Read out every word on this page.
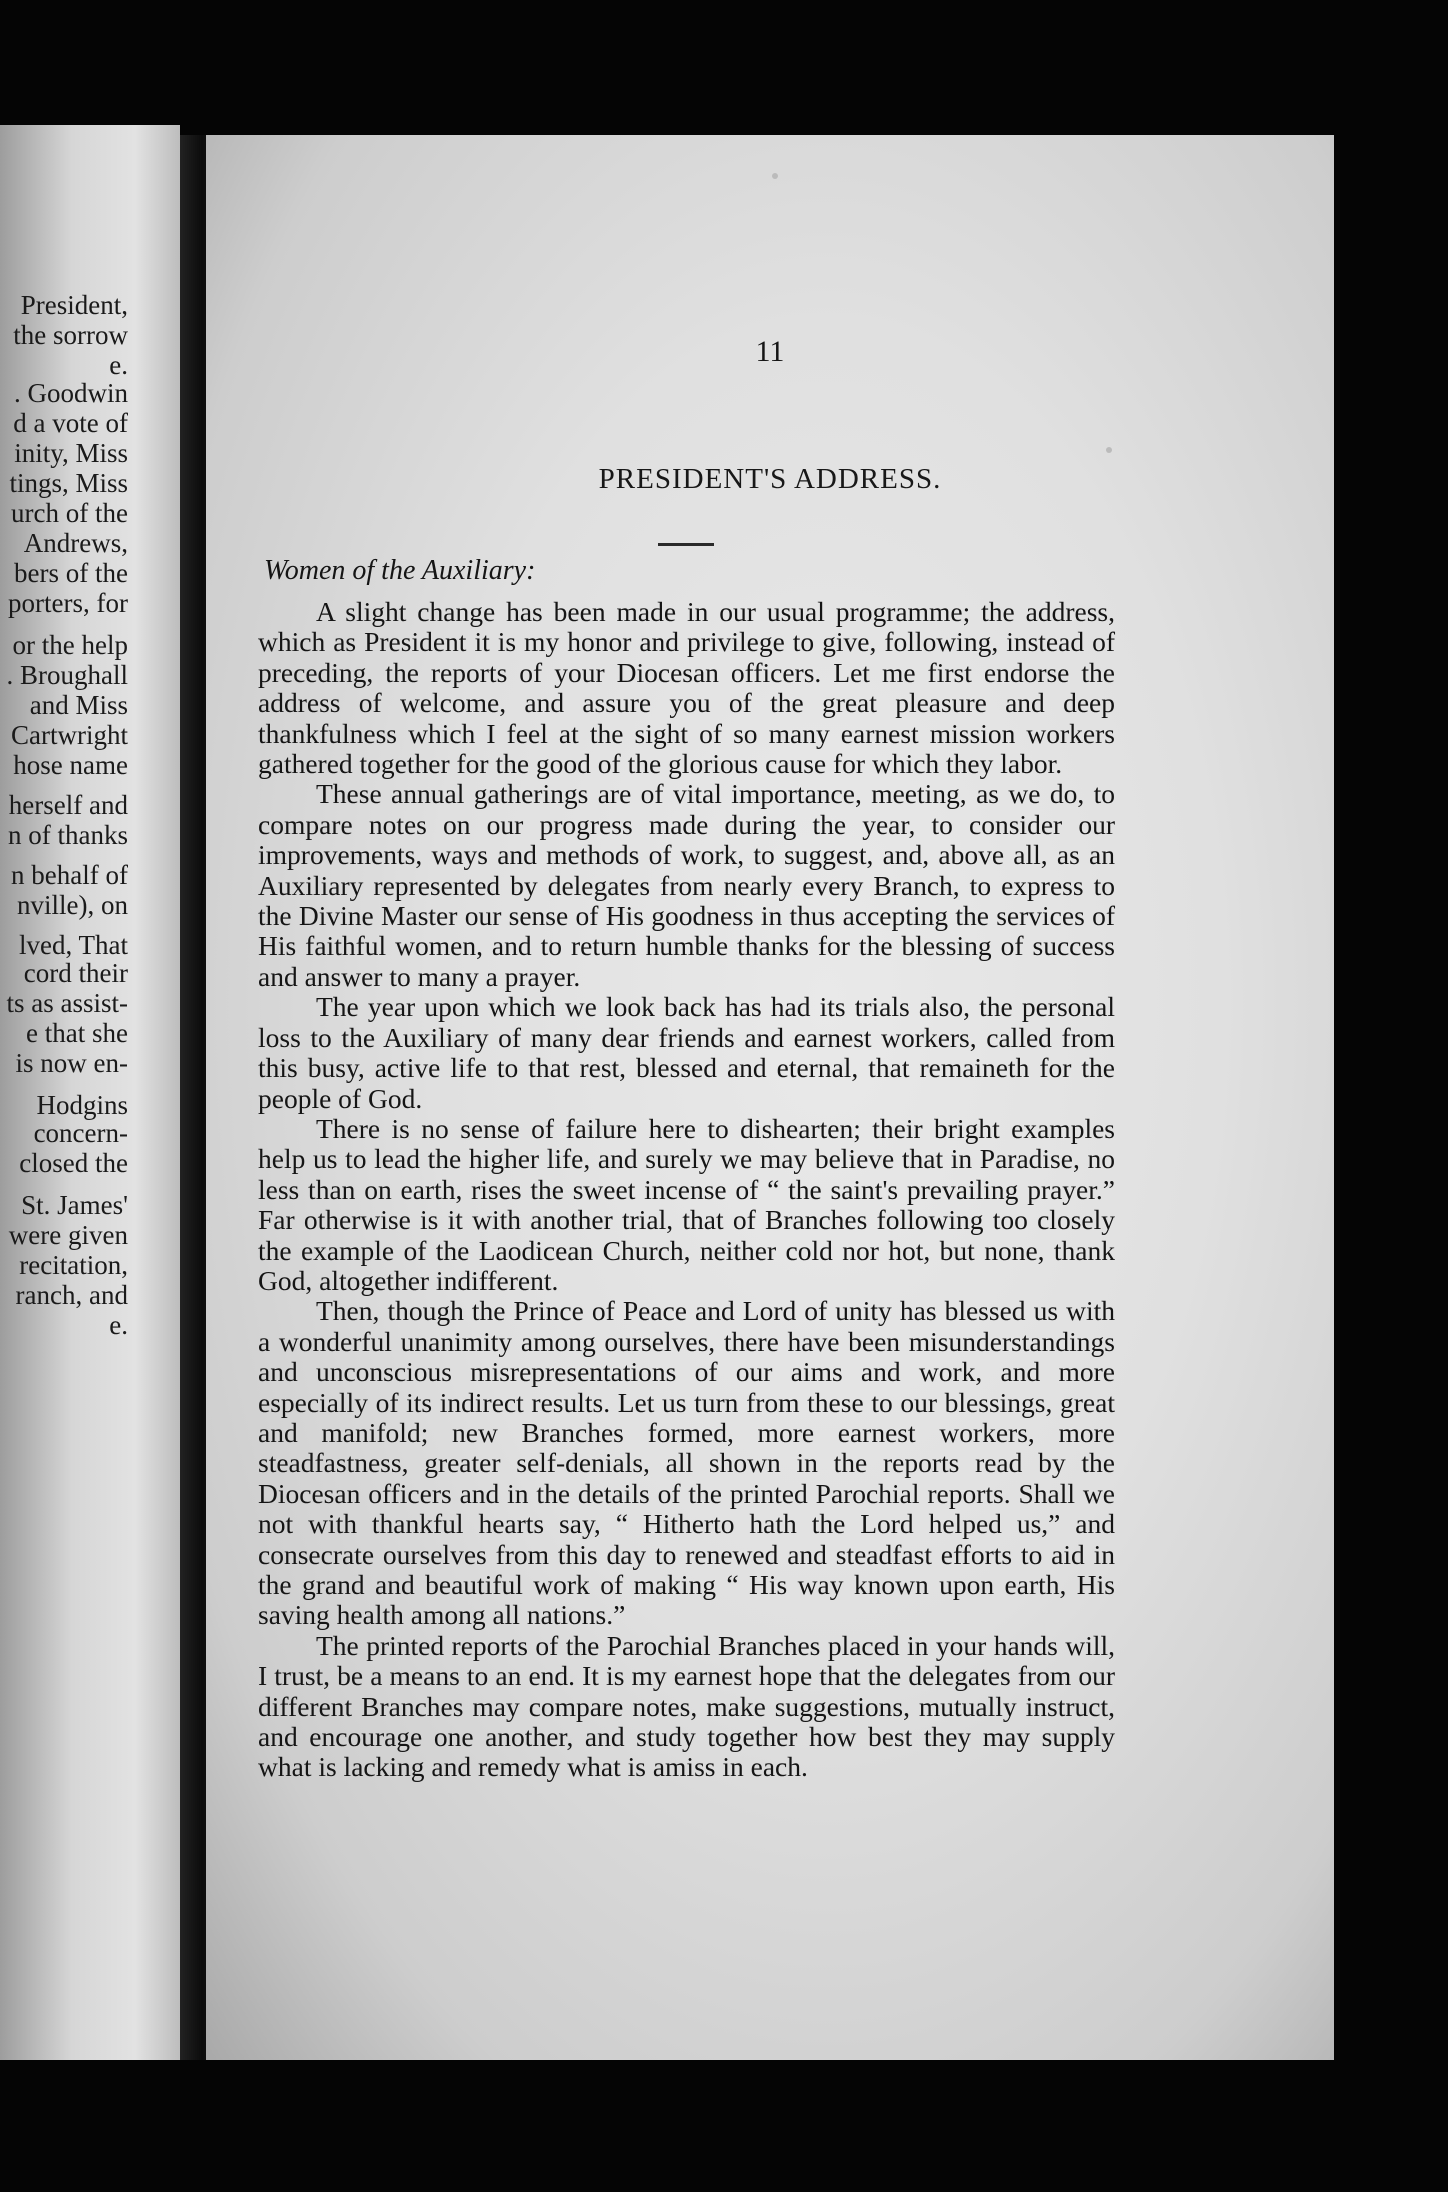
President,
the sorrow
e.
. Goodwin
d a vote of
inity, Miss
tings, Miss
urch of the
Andrews,
bers of the
porters, for
or the help
. Broughall
and Miss
Cartwright
hose name
herself and
n of thanks
n behalf of
nville), on
lved, That
cord their
ts as assist-
e that she
is now en-
Hodgins
concern-
closed the
St. James'
were given
recitation,
ranch, and
e.
11
PRESIDENT'S ADDRESS.
Women of the Auxiliary:

A slight change has been made in our usual programme; the address, which as President it is my honor and privilege to give, following, instead of preceding, the reports of your Diocesan officers. Let me first endorse the address of welcome, and assure you of the great pleasure and deep thankfulness which I feel at the sight of so many earnest mission workers gathered together for the good of the glorious cause for which they labor.

These annual gatherings are of vital importance, meeting, as we do, to compare notes on our progress made during the year, to consider our improvements, ways and methods of work, to suggest, and, above all, as an Auxiliary represented by delegates from nearly every Branch, to express to the Divine Master our sense of His goodness in thus accepting the services of His faithful women, and to return humble thanks for the blessing of success and answer to many a prayer.

The year upon which we look back has had its trials also, the personal loss to the Auxiliary of many dear friends and earnest workers, called from this busy, active life to that rest, blessed and eternal, that remaineth for the people of God.

There is no sense of failure here to dishearten; their bright examples help us to lead the higher life, and surely we may believe that in Paradise, no less than on earth, rises the sweet incense of “ the saint's prevailing prayer.” Far otherwise is it with another trial, that of Branches following too closely the example of the Laodicean Church, neither cold nor hot, but none, thank God, altogether indifferent.

Then, though the Prince of Peace and Lord of unity has blessed us with a wonderful unanimity among ourselves, there have been misunderstandings and unconscious misrepresentations of our aims and work, and more especially of its indirect results. Let us turn from these to our blessings, great and manifold; new Branches formed, more earnest workers, more steadfastness, greater self-denials, all shown in the reports read by the Diocesan officers and in the details of the printed Parochial reports. Shall we not with thankful hearts say, “ Hitherto hath the Lord helped us,” and consecrate ourselves from this day to renewed and steadfast efforts to aid in the grand and beautiful work of making “ His way known upon earth, His saving health among all nations.”

The printed reports of the Parochial Branches placed in your hands will, I trust, be a means to an end. It is my earnest hope that the delegates from our different Branches may compare notes, make suggestions, mutually instruct, and encourage one another, and study together how best they may supply what is lacking and remedy what is amiss in each.
